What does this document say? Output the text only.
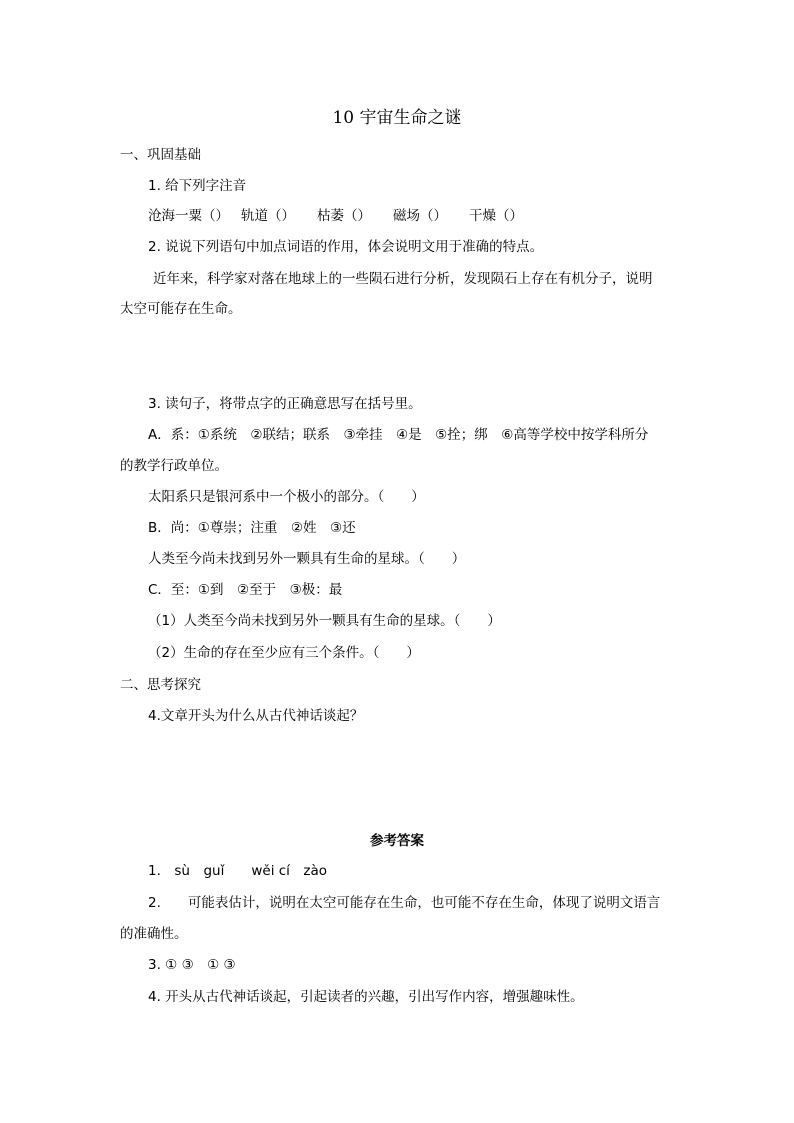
10 宇宙生命之谜
一、巩固基础
1. 给下列字注音
沧海一粟（） 轨道（） 枯萎（） 磁场（） 干燥（）
2. 说说下列语句中加点词语的作用，体会说明文用于准确的特点。
近年来，科学家对落在地球上的一些陨石进行分析，发现陨石上存在有机分子，说明
太空可能存在生命。
3. 读句子，将带点字的正确意思写在括号里。
A．系：①系统　②联结；联系　③牵挂　④是　⑤拴；绑　⑥高等学校中按学科所分
的教学行政单位。
太阳系只是银河系中一个极小的部分。（　　）
B．尚：①尊崇；注重　②姓　③还
人类至今尚未找到另外一颗具有生命的星球。（　　）
C．至：①到　②至于　③极：最
（1）人类至今尚未找到另外一颗具有生命的星球。（　　）
（2）生命的存在至少应有三个条件。（　　）
二、思考探究
4.文章开头为什么从古代神话谈起？
参考答案
1.　sù　guǐ　　wěi cí　zào
2.　　可能表估计，说明在太空可能存在生命，也可能不存在生命，体现了说明文语言
的准确性。
3. ① ③　① ③
4. 开头从古代神话谈起，引起读者的兴趣，引出写作内容，增强趣味性。
